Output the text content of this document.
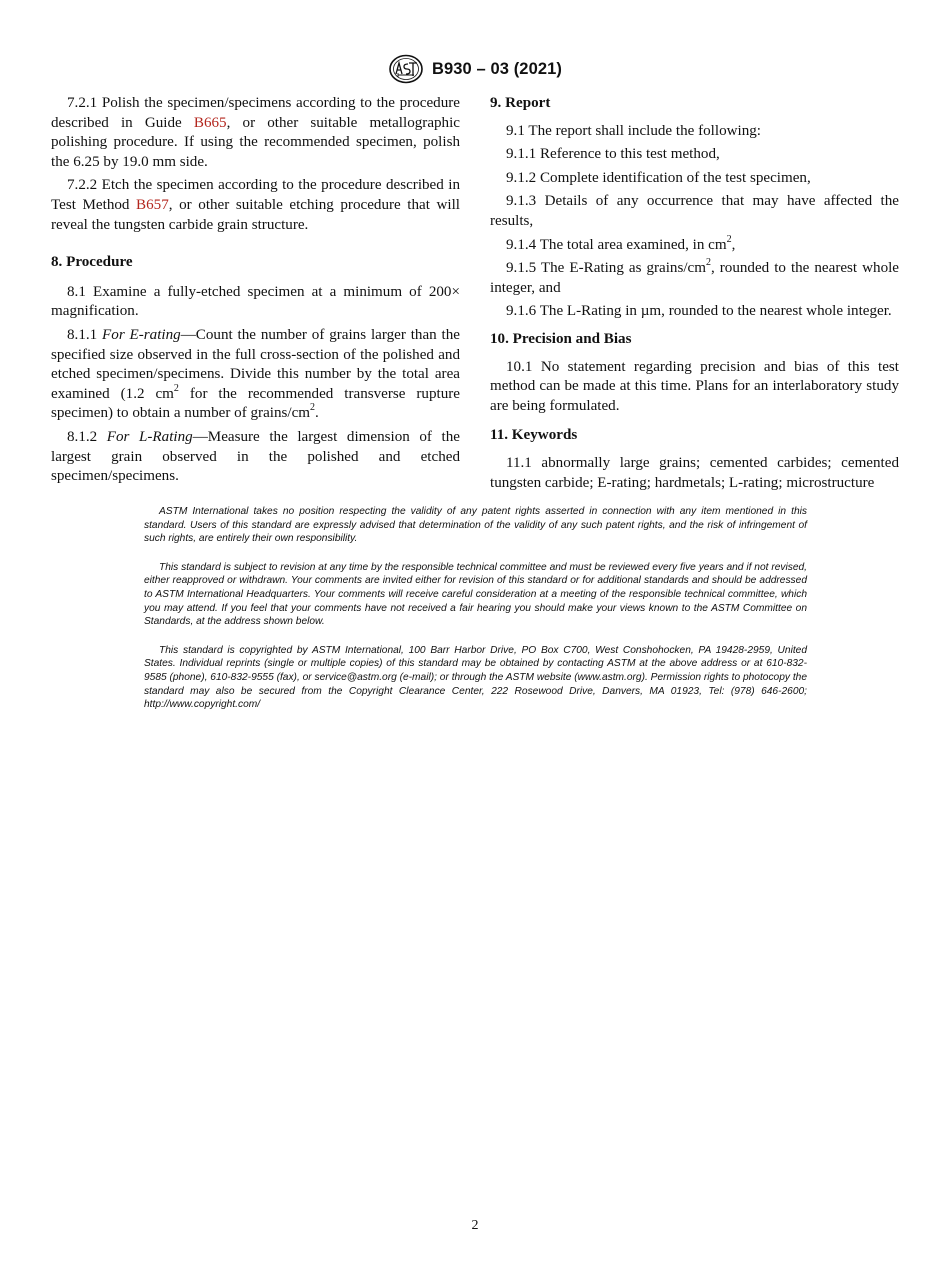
B930 – 03 (2021)

7.2.1 Polish the specimen/specimens according to the procedure described in Guide B665, or other suitable metallographic polishing procedure. If using the recommended specimen, polish the 6.25 by 19.0 mm side.

7.2.2 Etch the specimen according to the procedure described in Test Method B657, or other suitable etching procedure that will reveal the tungsten carbide grain structure.

8. Procedure

8.1 Examine a fully-etched specimen at a minimum of 200× magnification.

8.1.1 For E-rating—Count the number of grains larger than the specified size observed in the full cross-section of the polished and etched specimen/specimens. Divide this number by the total area examined (1.2 $cm^2$ for the recommended transverse rupture specimen) to obtain a number of grains/$cm^2$.

8.1.2 For L-Rating—Measure the largest dimension of the largest grain observed in the polished and etched specimen/specimens.

9. Report

9.1 The report shall include the following:

9.1.1 Reference to this test method,

9.1.2 Complete identification of the test specimen,

9.1.3 Details of any occurrence that may have affected the results,

9.1.4 The total area examined, in $cm^2$,

9.1.5 The E-Rating as grains/$cm^2$, rounded to the nearest whole integer, and

9.1.6 The L-Rating in µm, rounded to the nearest whole integer.

10. Precision and Bias

10.1 No statement regarding precision and bias of this test method can be made at this time. Plans for an interlaboratory study are being formulated.

11. Keywords

11.1 abnormally large grains; cemented carbides; cemented tungsten carbide; E-rating; hardmetals; L-rating; microstructure

ASTM International takes no position respecting the validity of any patent rights asserted in connection with any item mentioned in this standard. Users of this standard are expressly advised that determination of the validity of any such patent rights, and the risk of infringement of such rights, are entirely their own responsibility.

This standard is subject to revision at any time by the responsible technical committee and must be reviewed every five years and if not revised, either reapproved or withdrawn. Your comments are invited either for revision of this standard or for additional standards and should be addressed to ASTM International Headquarters. Your comments will receive careful consideration at a meeting of the responsible technical committee, which you may attend. If you feel that your comments have not received a fair hearing you should make your views known to the ASTM Committee on Standards, at the address shown below.

This standard is copyrighted by ASTM International, 100 Barr Harbor Drive, PO Box C700, West Conshohocken, PA 19428-2959, United States. Individual reprints (single or multiple copies) of this standard may be obtained by contacting ASTM at the above address or at 610-832-9585 (phone), 610-832-9555 (fax), or service@astm.org (e-mail); or through the ASTM website (www.astm.org). Permission rights to photocopy the standard may also be secured from the Copyright Clearance Center, 222 Rosewood Drive, Danvers, MA 01923, Tel: (978) 646-2600; http://www.copyright.com/

2
